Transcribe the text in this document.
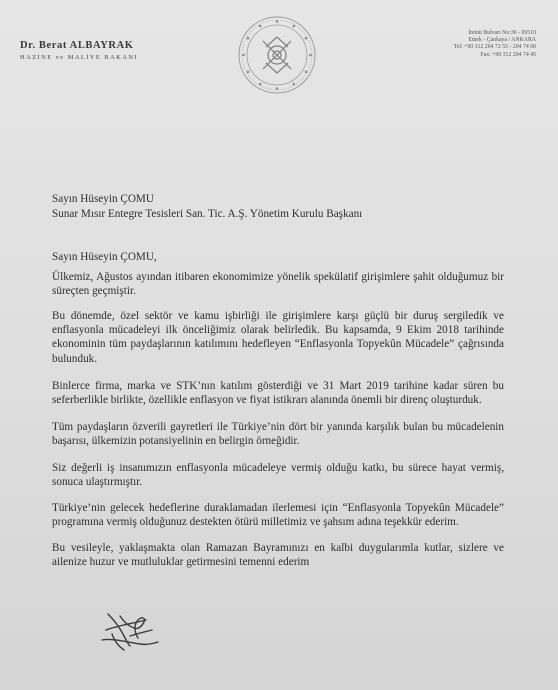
Dr. Berat ALBAYRAK
HAZİNE ve MALİYE BAKANI
İnönü Bulvarı No:36 - 06510
Emek - Çankaya / ANKARA
Tel: +90 312 204 72 55 - 204 74 00
Fax: +90 312 204 74 45
Sayın Hüseyin ÇOMU
Sunar Mısır Entegre Tesisleri San. Tic. A.Ş. Yönetim Kurulu Başkanı
Sayın Hüseyin ÇOMU,
Ülkemiz, Ağustos ayından itibaren ekonomimize yönelik spekülatif girişimlere şahit olduğumuz bir süreçten geçmiştir.
Bu dönemde, özel sektör ve kamu işbirliği ile girişimlere karşı güçlü bir duruş sergiledik ve enflasyonla mücadeleyi ilk önceliğimiz olarak belirledik. Bu kapsamda, 9 Ekim 2018 tarihinde ekonominin tüm paydaşlarının katılımını hedefleyen “Enflasyonla Topyekûn Mücadele” çağrısında bulunduk.
Binlerce firma, marka ve STK’nın katılım gösterdiği ve 31 Mart 2019 tarihine kadar süren bu seferberlikle birlikte, özellikle enflasyon ve fiyat istikrarı alanında önemli bir direnç oluşturduk.
Tüm paydaşların özverili gayretleri ile Türkiye’nin dört bir yanında karşılık bulan bu mücadelenin başarısı, ülkemizin potansiyelinin en belirgin örneğidir.
Siz değerli iş insanımızın enflasyonla mücadeleye vermiş olduğu katkı, bu sürece hayat vermiş, sonuca ulaştırmıştır.
Türkiye’nin gelecek hedeflerine duraklamadan ilerlemesi için “Enflasyonla Topyekûn Mücadele” programına vermiş olduğunuz destekten ötürü milletimiz ve şahsım adına teşekkür ederim.
Bu vesileyle, yaklaşmakta olan Ramazan Bayramınızı en kalbi duygularımla kutlar, sizlere ve ailenize huzur ve mutluluklar getirmesini temenni ederim
